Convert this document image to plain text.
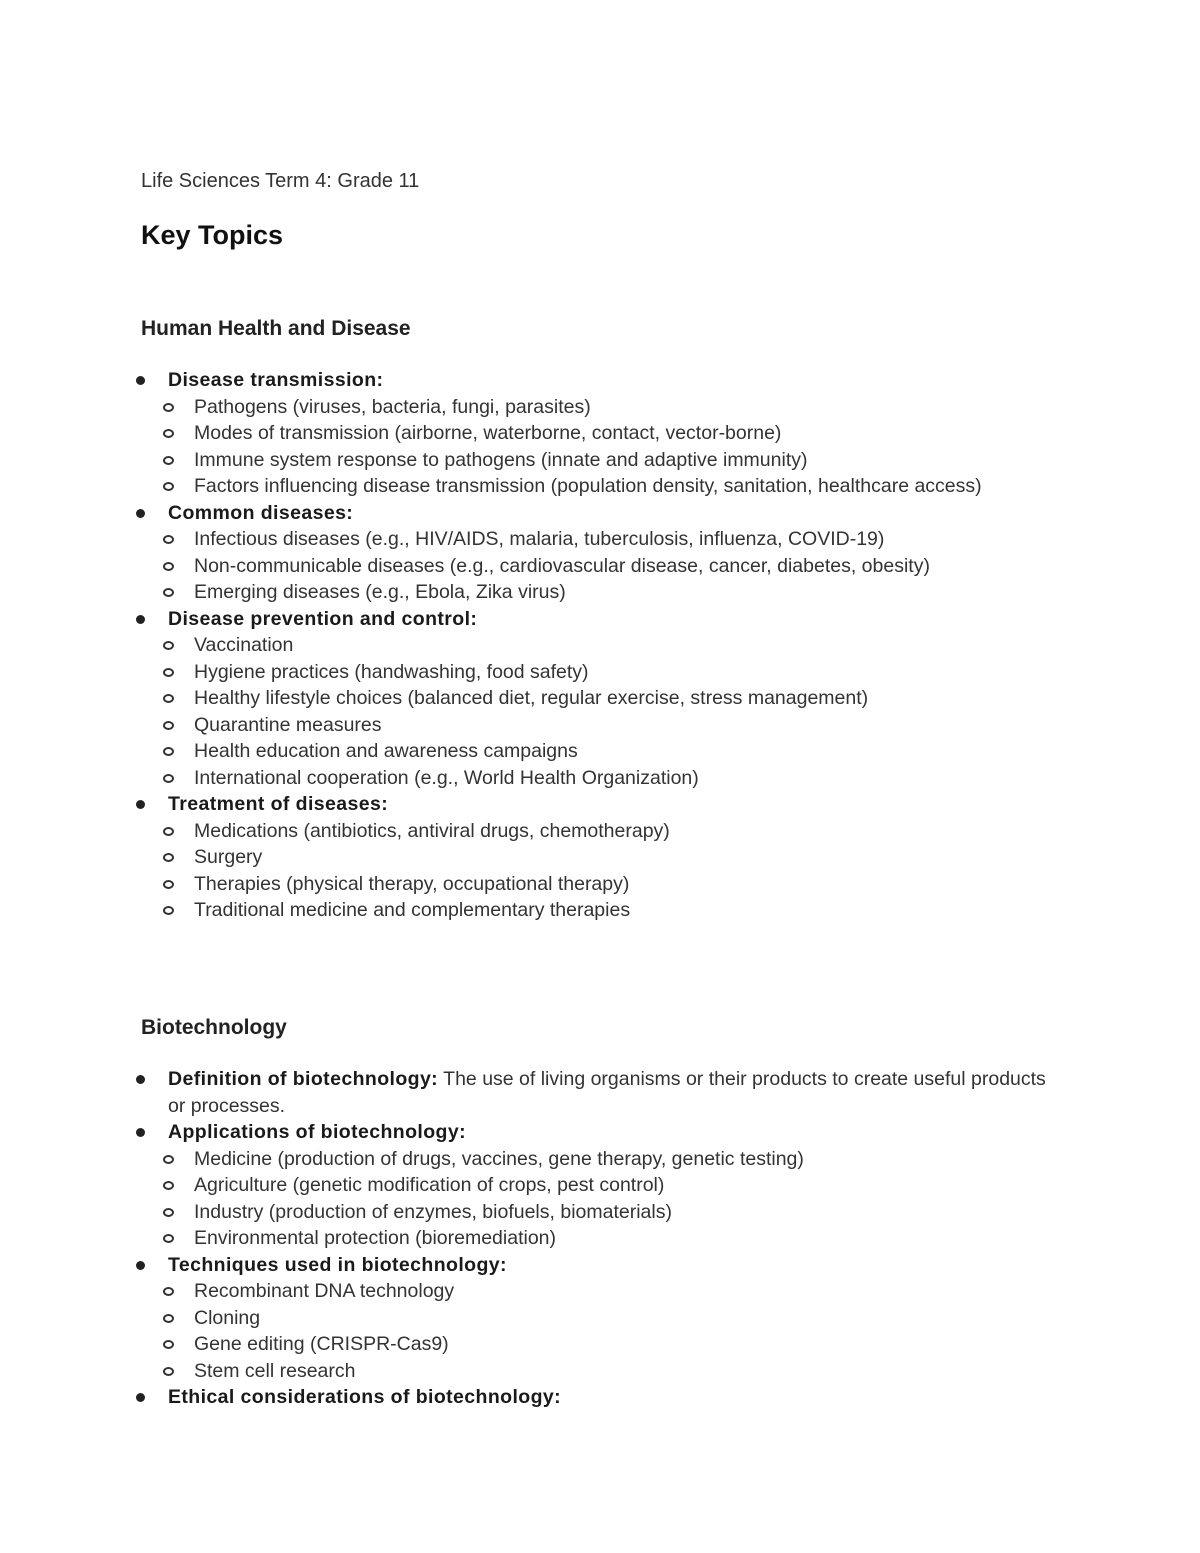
Life Sciences Term 4: Grade 11

Key Topics
Human Health and Disease
Disease transmission:
Pathogens (viruses, bacteria, fungi, parasites)
Modes of transmission (airborne, waterborne, contact, vector-borne)
Immune system response to pathogens (innate and adaptive immunity)
Factors influencing disease transmission (population density, sanitation, healthcare access)
Common diseases:
Infectious diseases (e.g., HIV/AIDS, malaria, tuberculosis, influenza, COVID-19)
Non-communicable diseases (e.g., cardiovascular disease, cancer, diabetes, obesity)
Emerging diseases (e.g., Ebola, Zika virus)
Disease prevention and control:
Vaccination
Hygiene practices (handwashing, food safety)
Healthy lifestyle choices (balanced diet, regular exercise, stress management)
Quarantine measures
Health education and awareness campaigns
International cooperation (e.g., World Health Organization)
Treatment of diseases:
Medications (antibiotics, antiviral drugs, chemotherapy)
Surgery
Therapies (physical therapy, occupational therapy)
Traditional medicine and complementary therapies
Biotechnology
Definition of biotechnology: The use of living organisms or their products to create useful products or processes.
Applications of biotechnology:
Medicine (production of drugs, vaccines, gene therapy, genetic testing)
Agriculture (genetic modification of crops, pest control)
Industry (production of enzymes, biofuels, biomaterials)
Environmental protection (bioremediation)
Techniques used in biotechnology:
Recombinant DNA technology
Cloning
Gene editing (CRISPR-Cas9)
Stem cell research
Ethical considerations of biotechnology:
